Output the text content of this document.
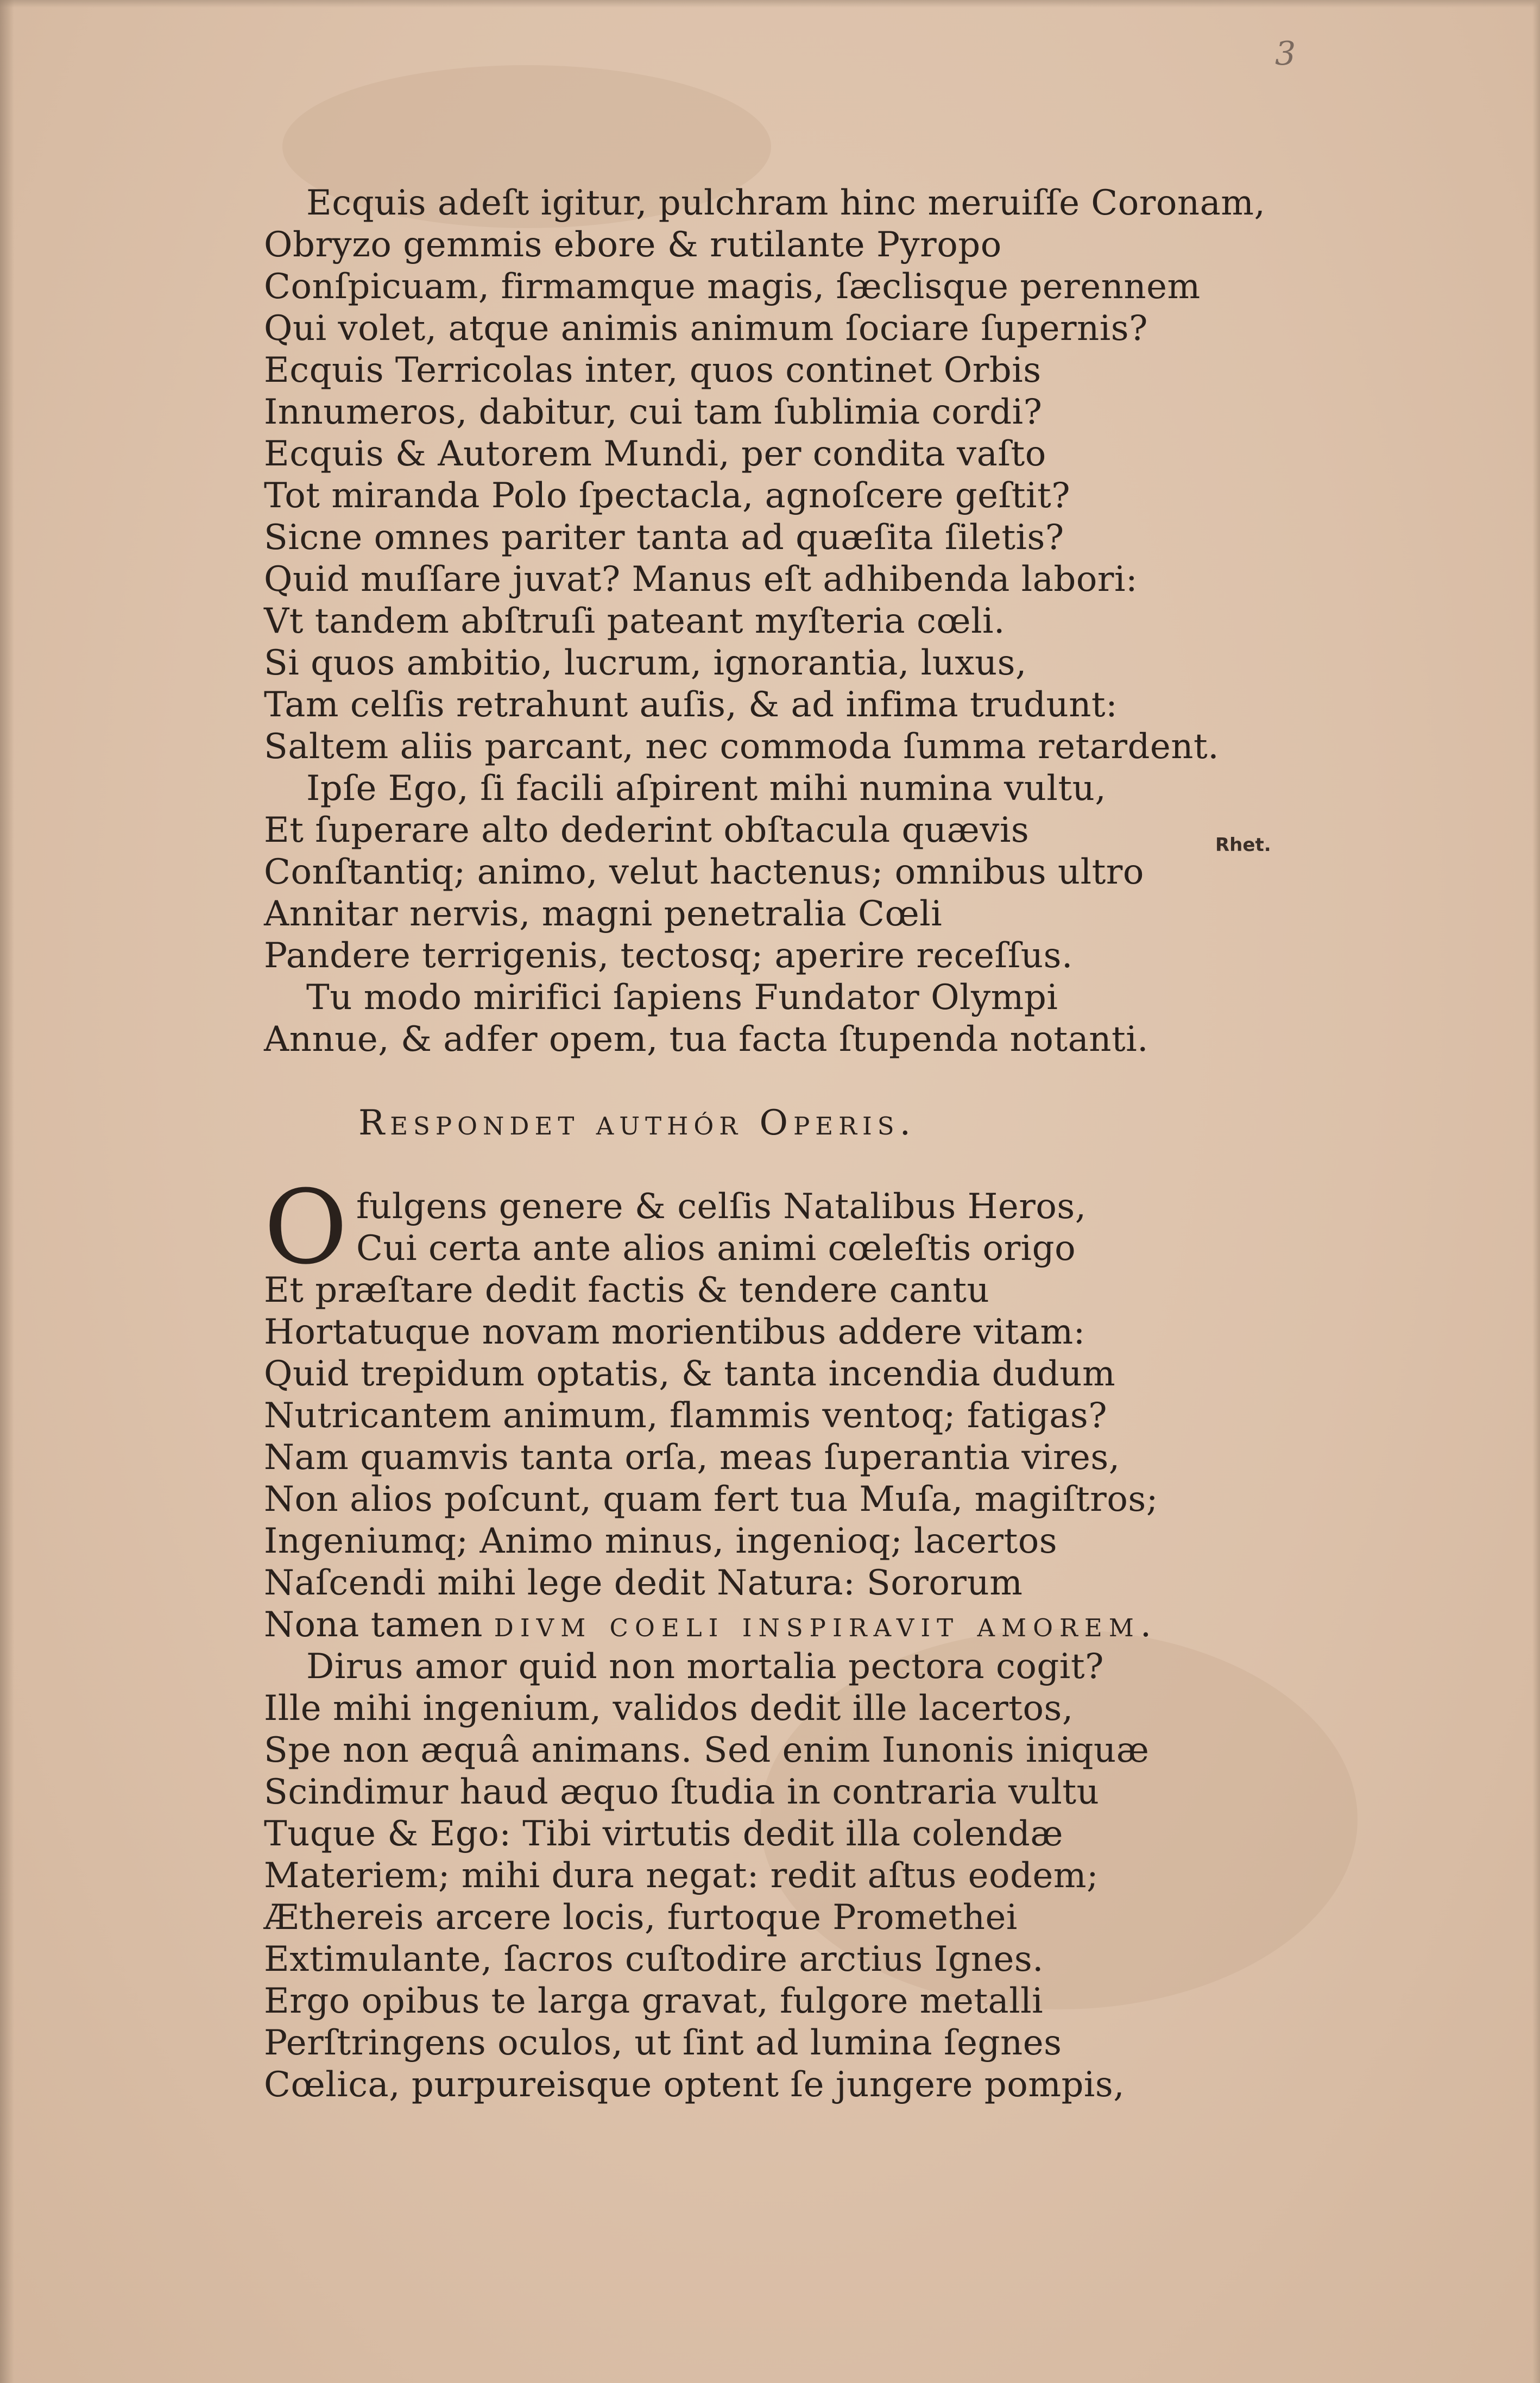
3
Rhet.
Ecquis adeſt igitur, pulchram hinc meruiſſe Coronam,
Obryzo gemmis ebore & rutilante Pyropo
Conſpicuam, firmamque magis, ſæclisque perennem
Qui volet, atque animis animum ſociare ſupernis?
Ecquis Terricolas inter, quos continet Orbis
Innumeros, dabitur, cui tam ſublimia cordi?
Ecquis & Autorem Mundi, per condita vaſto
Tot miranda Polo ſpectacla, agnoſcere geſtit?
Sicne omnes pariter tanta ad quæſita ſiletis?
Quid muſſare juvat? Manus eſt adhibenda labori:
Vt tandem abſtruſi pateant myſteria cœli.
Si quos ambitio, lucrum, ignorantia, luxus,
Tam celſis retrahunt auſis, & ad infima trudunt:
Saltem aliis parcant, nec commoda ſumma retardent.
Ipſe Ego, ſi facili aſpirent mihi numina vultu,
Et ſuperare alto dederint obſtacula quævis
Conſtantiq; animo, velut hactenus; omnibus ultro
Annitar nervis, magni penetralia Cœli
Pandere terrigenis, tectosq; aperire receſſus.
Tu modo mirifici ſapiens Fundator Olympi
Annue, & adfer opem, tua facta ſtupenda notanti.
Respondet authór Operis.
O fulgens genere & celſis Natalibus Heros,
Cui certa ante alios animi cœleſtis origo
Et præſtare dedit factis & tendere cantu
Hortatuque novam morientibus addere vitam:
Quid trepidum optatis, & tanta incendia dudum
Nutricantem animum, flammis ventoq; fatigas?
Nam quamvis tanta orſa, meas ſuperantia vires,
Non alios poſcunt, quam fert tua Muſa, magiſtros;
Ingeniumq; Animo minus, ingenioq; lacertos
Naſcendi mihi lege dedit Natura: Sororum
Nona tamen divm coeli inspiravit amorem.
Dirus amor quid non mortalia pectora cogit?
Ille mihi ingenium, validos dedit ille lacertos,
Spe non æquâ animans. Sed enim Iunonis iniquæ
Scindimur haud æquo ſtudia in contraria vultu
Tuque & Ego: Tibi virtutis dedit illa colendæ
Materiem; mihi dura negat: redit aſtus eodem;
Æthereis arcere locis, furtoque Promethei
Extimulante, ſacros cuſtodire arctius Ignes.
Ergo opibus te larga gravat, fulgore metalli
Perſtringens oculos, ut ſint ad lumina ſegnes
Cœlica, purpureisque optent ſe jungere pompis,
